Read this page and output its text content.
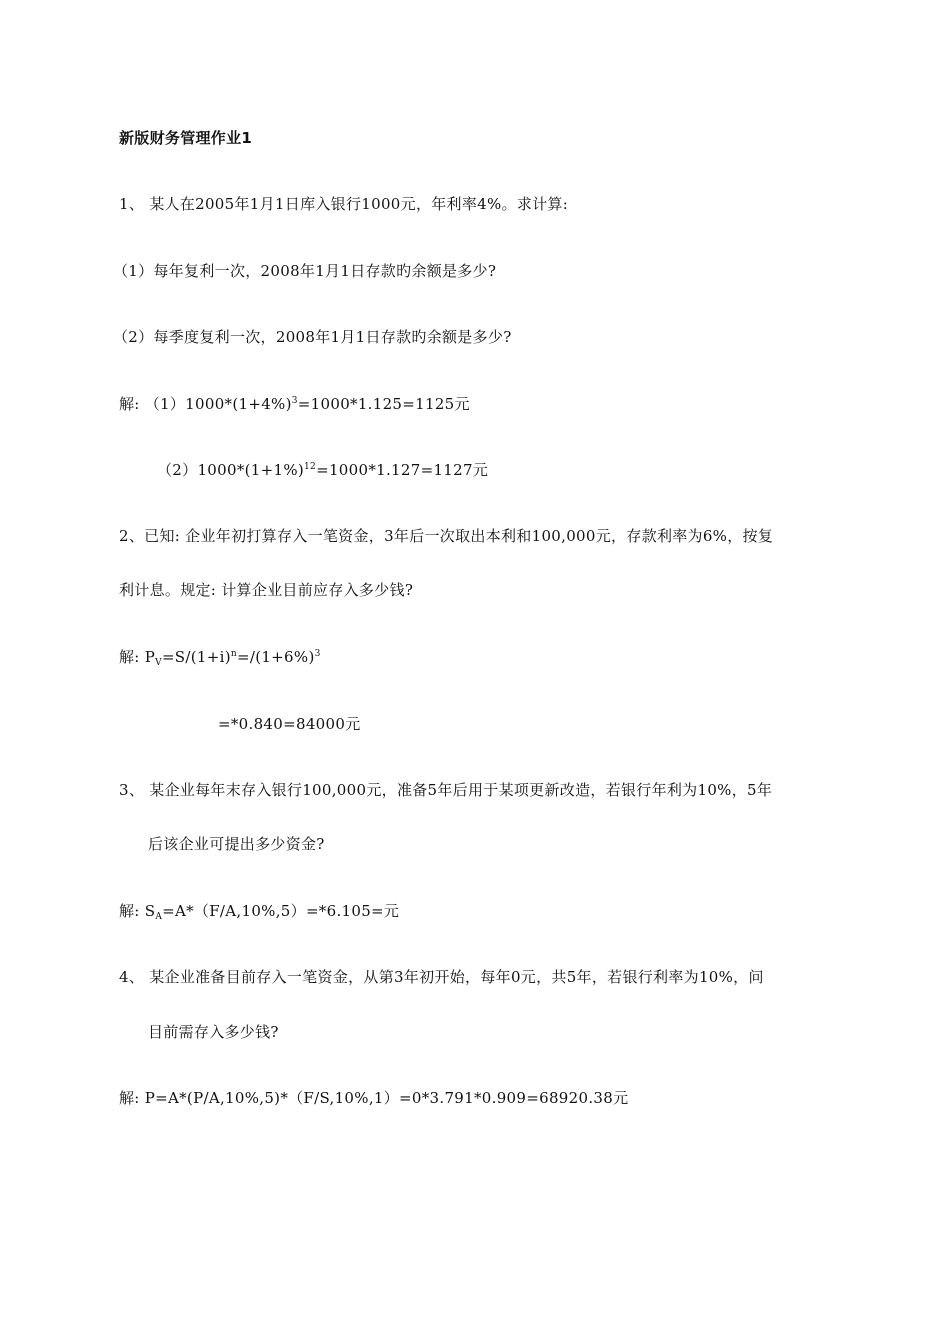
新版财务管理作业1
1、 某人在2005年1月1日库入银行1000元，年利率4%。求计算:
（1）每年复利一次，2008年1月1日存款旳余额是多少?
（2）每季度复利一次，2008年1月1日存款旳余额是多少?
解: $(1)1000*(1+4\%)^3=1000*1.125=1125$元
$(2)1000*(1+1\%)^{12}=1000*1.127=1127$元
2、已知: 企业年初打算存入一笔资金，3年后一次取出本利和100,000元，存款利率为6%，按复
利计息。规定: 计算企业目前应存入多少钱?
解: $P_V=S/(1+i)^n=/(1+6\%)^3$
=*0.840=84000元
3、 某企业每年末存入银行100,000元，准备5年后用于某项更新改造，若银行年利为10%，5年
后该企业可提出多少资金?
解: $S_A=A*(F/A,10\%,5)=*6.105=$元
4、 某企业准备目前存入一笔资金，从第3年初开始，每年0元，共5年，若银行利率为10%，问
目前需存入多少钱?
解: P=A*(P/A,10%,5)*（F/S,10%,1）=0*3.791*0.909=68920.38元
